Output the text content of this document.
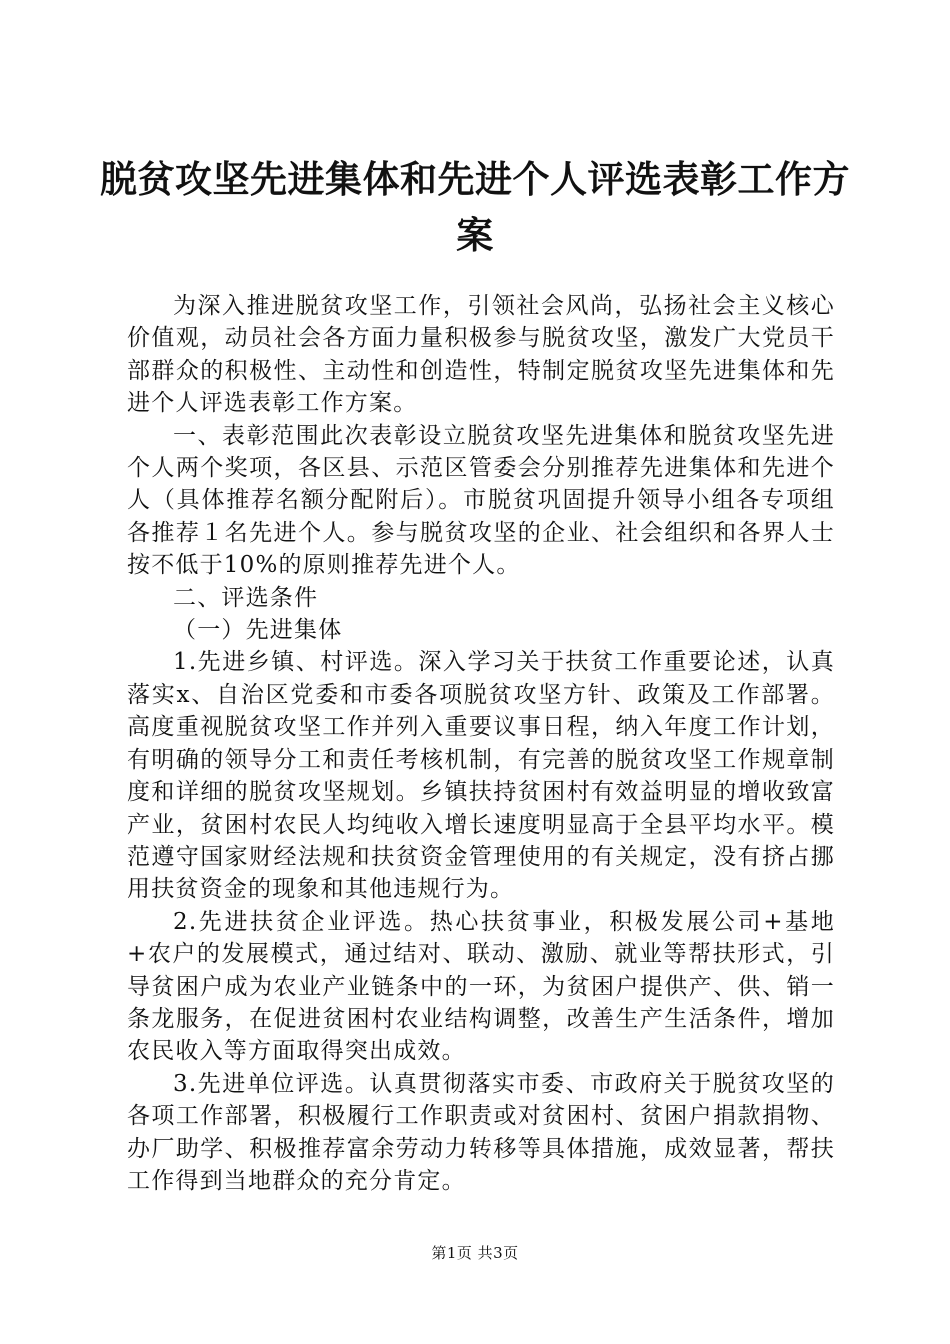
脱贫攻坚先进集体和先进个人评选表彰工作方案

为深入推进脱贫攻坚工作，引领社会风尚，弘扬社会主义核心价值观，动员社会各方面力量积极参与脱贫攻坚，激发广大党员干部群众的积极性、主动性和创造性，特制定脱贫攻坚先进集体和先进个人评选表彰工作方案。

一、表彰范围此次表彰设立脱贫攻坚先进集体和脱贫攻坚先进个人两个奖项，各区县、示范区管委会分别推荐先进集体和先进个人（具体推荐名额分配附后）。市脱贫巩固提升领导小组各专项组各推荐１名先进个人。参与脱贫攻坚的企业、社会组织和各界人士按不低于10%的原则推荐先进个人。

二、评选条件

（一）先进集体

1.先进乡镇、村评选。深入学习关于扶贫工作重要论述，认真落实x、自治区党委和市委各项脱贫攻坚方针、政策及工作部署。高度重视脱贫攻坚工作并列入重要议事日程，纳入年度工作计划，有明确的领导分工和责任考核机制，有完善的脱贫攻坚工作规章制度和详细的脱贫攻坚规划。乡镇扶持贫困村有效益明显的增收致富产业，贫困村农民人均纯收入增长速度明显高于全县平均水平。模范遵守国家财经法规和扶贫资金管理使用的有关规定，没有挤占挪用扶贫资金的现象和其他违规行为。

2.先进扶贫企业评选。热心扶贫事业，积极发展公司+基地+农户的发展模式，通过结对、联动、激励、就业等帮扶形式，引导贫困户成为农业产业链条中的一环，为贫困户提供产、供、销一条龙服务，在促进贫困村农业结构调整，改善生产生活条件，增加农民收入等方面取得突出成效。

3.先进单位评选。认真贯彻落实市委、市政府关于脱贫攻坚的各项工作部署，积极履行工作职责或对贫困村、贫困户捐款捐物、办厂助学、积极推荐富余劳动力转移等具体措施，成效显著，帮扶工作得到当地群众的充分肯定。

第1页 共3页
